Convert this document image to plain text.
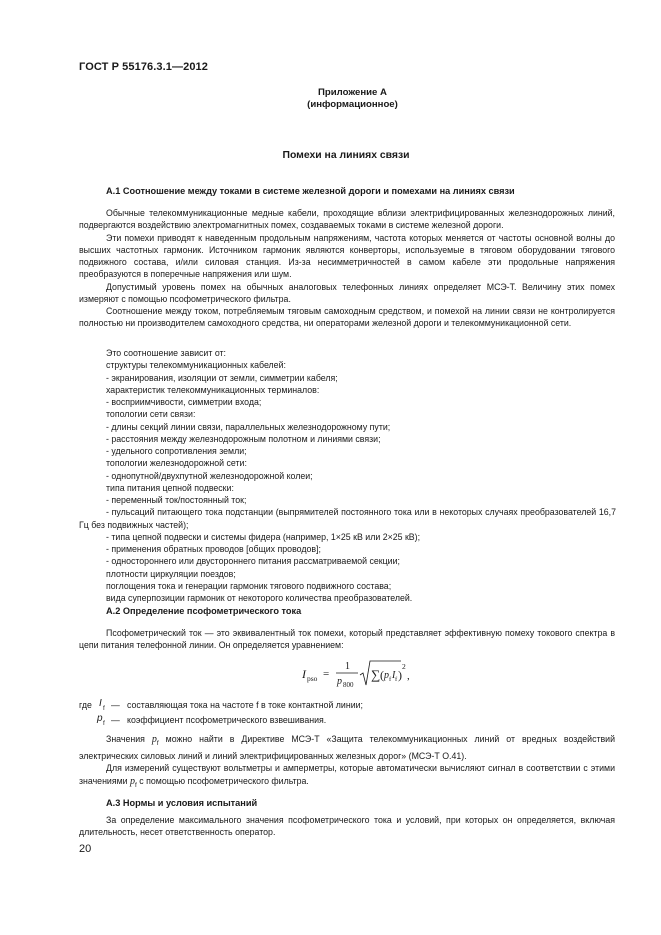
ГОСТ Р 55176.3.1—2012
Приложение А
(информационное)
Помехи на линиях связи
А.1 Соотношение между токами в системе железной дороги и помехами на линиях связи

Обычные телекоммуникационные медные кабели, проходящие вблизи электрифицированных железнодорожных линий, подвергаются воздействию электромагнитных помех, создаваемых токами в системе железной дороги.

Эти помехи приводят к наведенным продольным напряжениям, частота которых меняется от частоты основной волны до высших частотных гармоник. Источником гармоник являются конверторы, используемые в тяговом оборудовании тягового подвижного состава, и/или силовая станция. Из-за несимметричностей в самом кабеле эти продольные напряжения преобразуются в поперечные напряжения или шум.

Допустимый уровень помех на обычных аналоговых телефонных линиях определяет МСЭ-Т. Величину этих помех измеряют с помощью псофометрического фильтра.

Соотношение между током, потребляемым тяговым самоходным средством, и помехой на линии связи не контролируется полностью ни производителем самоходного средства, ни операторами железной дороги и телекоммуникационной сети.

Это соотношение зависит от:
структуры телекоммуникационных кабелей:
- экранирования, изоляции от земли, симметрии кабеля;
характеристик телекоммуникационных терминалов:
- восприимчивости, симметрии входа;
топологии сети связи:
- длины секций линии связи, параллельных железнодорожному пути;
- расстояния между железнодорожным полотном и линиями связи;
- удельного сопротивления земли;
топологии железнодорожной сети:
- однопутной/двухпутной железнодорожной колеи;
типа питания цепной подвески:
- переменный ток/постоянный ток;
- пульсаций питающего тока подстанции (выпрямителей постоянного тока или в некоторых случаях преобразователей 16,7 Гц без подвижных частей);
- типа цепной подвески и системы фидера (например, 1×25 кВ или 2×25 кВ);
- применения обратных проводов [общих проводов];
- одностороннего или двустороннего питания рассматриваемой секции;
плотности циркуляции поездов;
поглощения тока и генерации гармоник тягового подвижного состава;
вида суперпозиции гармоник от некоторого количества преобразователей.
А.2 Определение псофометрического тока

Псофометрический ток — это эквивалентный ток помехи, который представляет эффективную помеху токового спектра в цепи питания телефонной линии. Он определяется уравнением:

I pso =
1
p 800
∑ ( p f I f )
2
,
где I f — составляющая тока на частоте f в токе контактной линии;
p f — коэффициент псофометрического взвешивания.

Значения $p_f$ можно найти в Директиве МСЭ-Т «Защита телекоммуникационных линий от вредных воздействий электрических силовых линий и линий электрифицированных железных дорог» (МСЭ-Т О.41).

Для измерений существуют вольтметры и амперметры, которые автоматически вычисляют сигнал в соответствии с этими значениями $p_f$ с помощью псофометрического фильтра.

А.3 Нормы и условия испытаний

За определение максимального значения псофометрического тока и условий, при которых он определяется, включая длительность, несет ответственность оператор.

20
